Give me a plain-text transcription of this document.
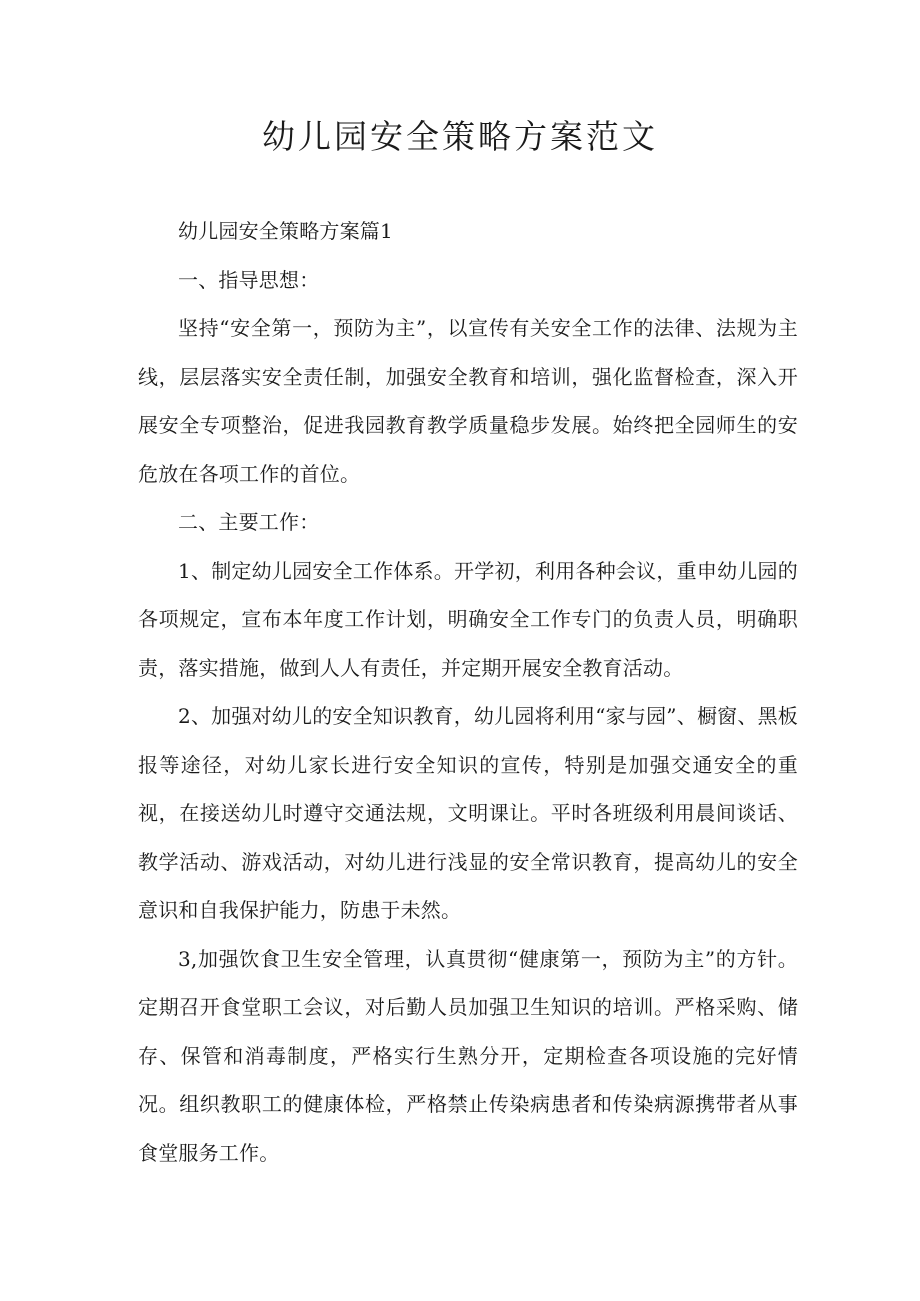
幼儿园安全策略方案范文

幼儿园安全策略方案篇1

一、指导思想：

坚持“安全第一，预防为主”，以宣传有关安全工作的法律、法规为主线，层层落实安全责任制，加强安全教育和培训，强化监督检查，深入开展安全专项整治，促进我园教育教学质量稳步发展。始终把全园师生的安危放在各项工作的首位。

二、主要工作：

1、制定幼儿园安全工作体系。开学初，利用各种会议，重申幼儿园的各项规定，宣布本年度工作计划，明确安全工作专门的负责人员，明确职责，落实措施，做到人人有责任，并定期开展安全教育活动。

2、加强对幼儿的安全知识教育，幼儿园将利用“家与园”、橱窗、黑板报等途径，对幼儿家长进行安全知识的宣传，特别是加强交通安全的重视，在接送幼儿时遵守交通法规，文明课让。平时各班级利用晨间谈话、教学活动、游戏活动，对幼儿进行浅显的安全常识教育，提高幼儿的安全意识和自我保护能力，防患于未然。

3,加强饮食卫生安全管理，认真贯彻“健康第一，预防为主”的方针。定期召开食堂职工会议，对后勤人员加强卫生知识的培训。严格采购、储存、保管和消毒制度，严格实行生熟分开，定期检查各项设施的完好情况。组织教职工的健康体检，严格禁止传染病患者和传染病源携带者从事食堂服务工作。
